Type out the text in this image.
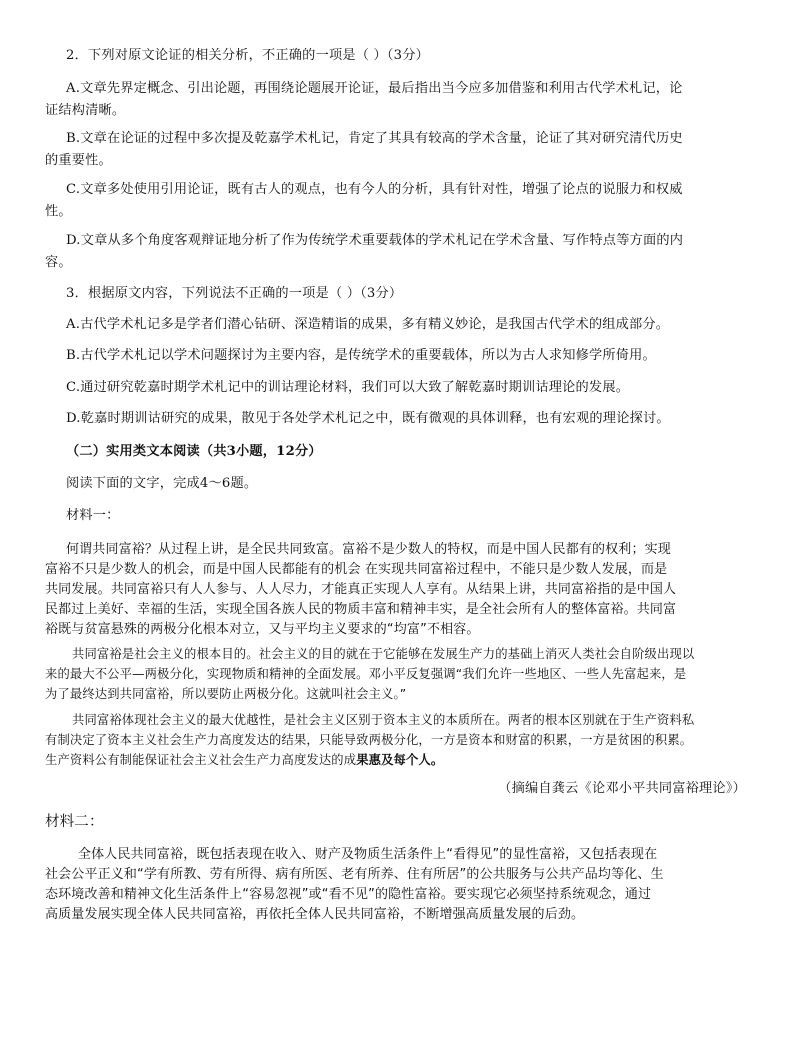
2．下列对原文论证的相关分析，不正确的一项是（ ）（3分）
A.文章先界定概念、引出论题，再围绕论题展开论证，最后指出当今应多加借鉴和利用古代学术札记，论
证结构清晰。
B.文章在论证的过程中多次提及乾嘉学术札记，肯定了其具有较高的学术含量，论证了其对研究清代历史
的重要性。
C.文章多处使用引用论证，既有古人的观点，也有今人的分析，具有针对性，增强了论点的说服力和权威
性。
D.文章从多个角度客观辩证地分析了作为传统学术重要载体的学术札记在学术含量、写作特点等方面的内
容。
3．根据原文内容，下列说法不正确的一项是（ ）（3分）
A.古代学术札记多是学者们潜心钻研、深造精诣的成果，多有精义妙论，是我国古代学术的组成部分。
B.古代学术札记以学术问题探讨为主要内容，是传统学术的重要载体，所以为古人求知修学所倚用。
C.通过研究乾嘉时期学术札记中的训诂理论材料，我们可以大致了解乾嘉时期训诂理论的发展。
D.乾嘉时期训诂研究的成果，散见于各处学术札记之中，既有微观的具体训释，也有宏观的理论探讨。
（二）实用类文本阅读（共3小题，12分）
阅读下面的文字，完成4～6题。
材料一：
何谓共同富裕？从过程上讲，是全民共同致富。富裕不是少数人的特权，而是中国人民都有的权利；实现
富裕不只是少数人的机会，而是中国人民都能有的机会 在实现共同富裕过程中，不能只是少数人发展，而是
共同发展。共同富裕只有人人参与、人人尽力，才能真正实现人人享有。从结果上讲，共同富裕指的是中国人
民都过上美好、幸福的生活，实现全国各族人民的物质丰富和精神丰实，是全社会所有人的整体富裕。共同富
裕既与贫富悬殊的两极分化根本对立，又与平均主义要求的“均富”不相容。
共同富裕是社会主义的根本目的。社会主义的目的就在于它能够在发展生产力的基础上消灭人类社会自阶级出现以
来的最大不公平—两极分化，实现物质和精神的全面发展。邓小平反复强调“我们允许一些地区、一些人先富起来，是
为了最终达到共同富裕，所以要防止两极分化。这就叫社会主义。”
共同富裕体现社会主义的最大优越性，是社会主义区别于资本主义的本质所在。两者的根本区别就在于生产资料私
有制决定了资本主义社会生产力高度发达的结果，只能导致两极分化，一方是资本和财富的积累，一方是贫困的积累。
生产资料公有制能保证社会主义社会生产力高度发达的成果惠及每个人。
（摘编自龚云《论邓小平共同富裕理论》）
材料二：
全体人民共同富裕，既包括表现在收入、财产及物质生活条件上“看得见”的显性富裕，又包括表现在
社会公平正义和“学有所教、劳有所得、病有所医、老有所养、住有所居”的公共服务与公共产品均等化、生
态环境改善和精神文化生活条件上“容易忽视”或“看不见”的隐性富裕。要实现它必须坚持系统观念，通过
高质量发展实现全体人民共同富裕，再依托全体人民共同富裕，不断增强高质量发展的后劲。
